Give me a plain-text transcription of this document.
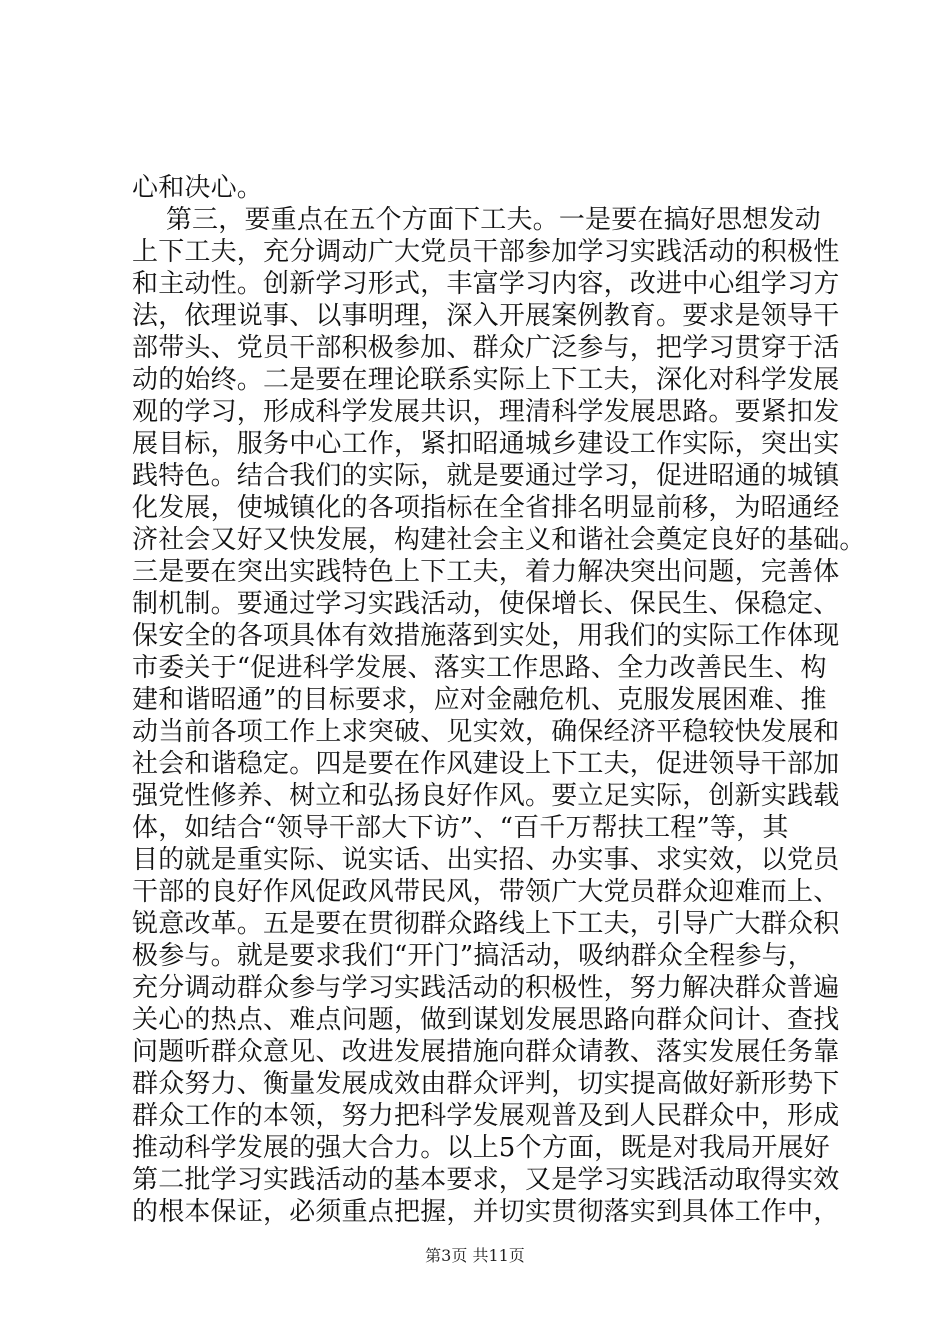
心和决心。
第三，要重点在五个方面下工夫。一是要在搞好思想发动
上下工夫，充分调动广大党员干部参加学习实践活动的积极性
和主动性。创新学习形式，丰富学习内容，改进中心组学习方
法，依理说事、以事明理，深入开展案例教育。要求是领导干
部带头、党员干部积极参加、群众广泛参与，把学习贯穿于活
动的始终。二是要在理论联系实际上下工夫，深化对科学发展
观的学习，形成科学发展共识，理清科学发展思路。要紧扣发
展目标，服务中心工作，紧扣昭通城乡建设工作实际，突出实
践特色。结合我们的实际，就是要通过学习，促进昭通的城镇
化发展，使城镇化的各项指标在全省排名明显前移，为昭通经
济社会又好又快发展，构建社会主义和谐社会奠定良好的基础。
三是要在突出实践特色上下工夫，着力解决突出问题，完善体
制机制。要通过学习实践活动，使保增长、保民生、保稳定、
保安全的各项具体有效措施落到实处，用我们的实际工作体现
市委关于“促进科学发展、落实工作思路、全力改善民生、构
建和谐昭通”的目标要求，应对金融危机、克服发展困难、推
动当前各项工作上求突破、见实效，确保经济平稳较快发展和
社会和谐稳定。四是要在作风建设上下工夫，促进领导干部加
强党性修养、树立和弘扬良好作风。要立足实际，创新实践载
体，如结合“领导干部大下访”、“百千万帮扶工程”等，其
目的就是重实际、说实话、出实招、办实事、求实效，以党员
干部的良好作风促政风带民风，带领广大党员群众迎难而上、
锐意改革。五是要在贯彻群众路线上下工夫，引导广大群众积
极参与。就是要求我们“开门”搞活动，吸纳群众全程参与，
充分调动群众参与学习实践活动的积极性，努力解决群众普遍
关心的热点、难点问题，做到谋划发展思路向群众问计、查找
问题听群众意见、改进发展措施向群众请教、落实发展任务靠
群众努力、衡量发展成效由群众评判，切实提高做好新形势下
群众工作的本领，努力把科学发展观普及到人民群众中，形成
推动科学发展的强大合力。以上5个方面，既是对我局开展好
第二批学习实践活动的基本要求，又是学习实践活动取得实效
的根本保证，必须重点把握，并切实贯彻落实到具体工作中，
第3页 共11页
